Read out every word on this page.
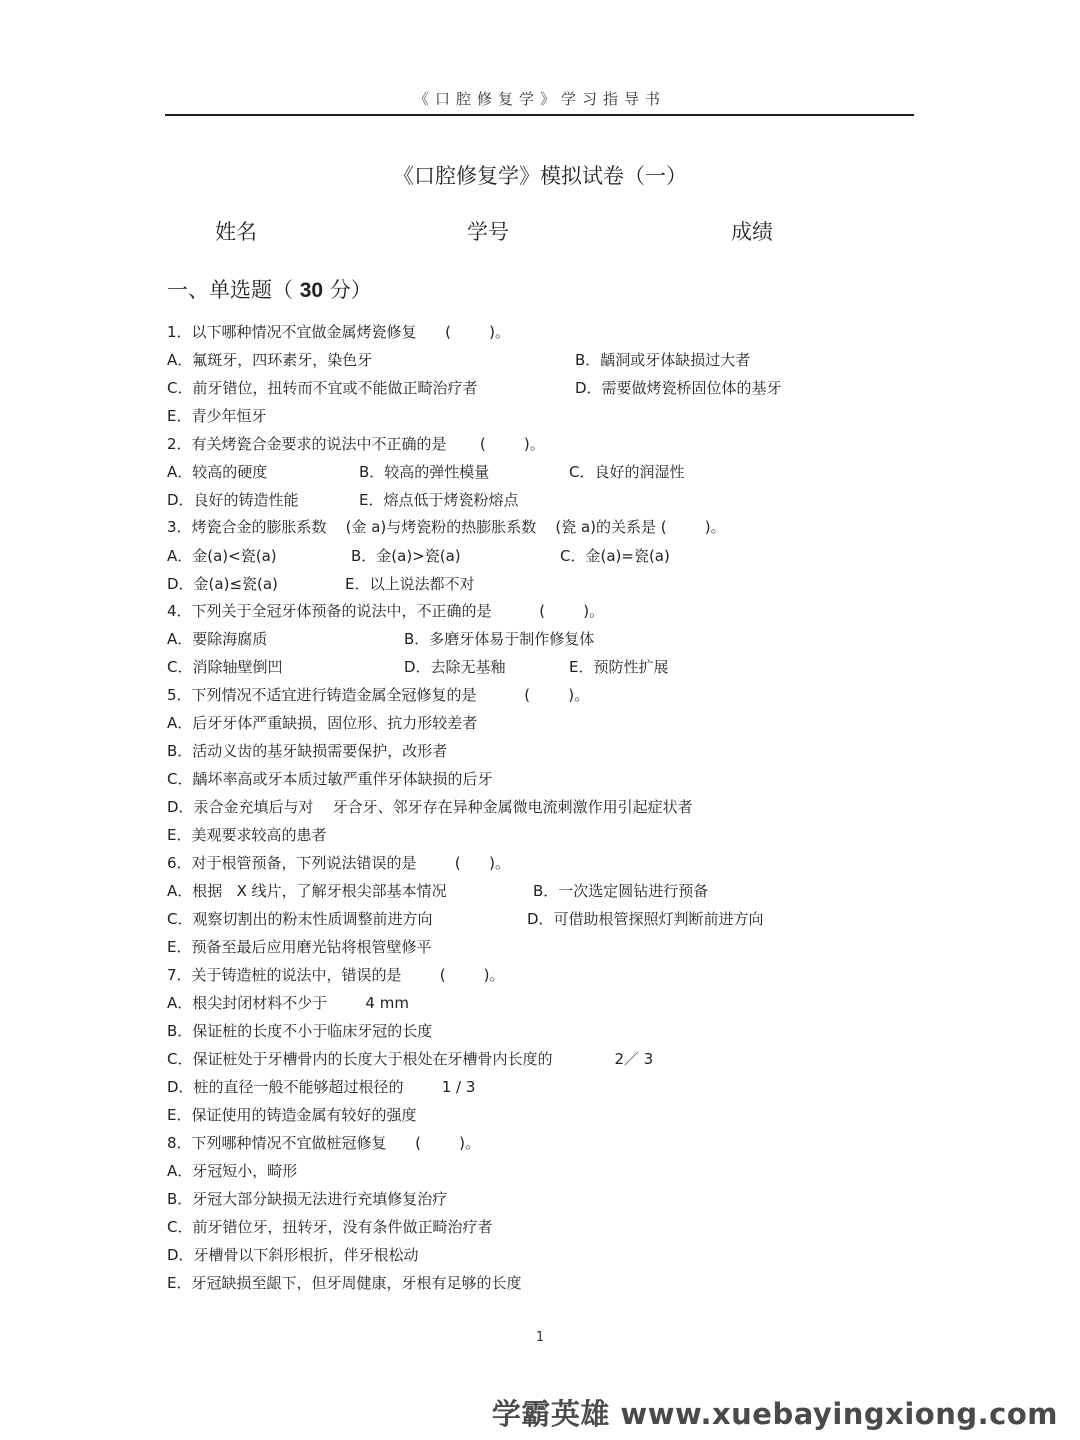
《口腔修复学》学习指导书
《口腔修复学》模拟试卷（一）
姓名	学号	成绩
一、单选题（ 30 分）
1．以下哪种情况不宜做金属烤瓷修复      (        )。
A．氟斑牙，四环素牙，染色牙	B．龋洞或牙体缺损过大者
C．前牙错位，扭转而不宜或不能做正畸治疗者	D．需要做烤瓷桥固位体的基牙
E．青少年恒牙
2．有关烤瓷合金要求的说法中不正确的是       (        )。
A．较高的硬度	B．较高的弹性模量	C．良好的润湿性
D．良好的铸造性能	E．熔点低于烤瓷粉熔点
3．烤瓷合金的膨胀系数    (金 a)与烤瓷粉的热膨胀系数    (瓷 a)的关系是 (        )。
A．金(a)<瓷(a)	B．金(a)>瓷(a)	C．金(a)=瓷(a)
D．金(a)≤瓷(a)	E．以上说法都不对
4．下列关于全冠牙体预备的说法中，不正确的是          (        )。
A．要除海腐质	B．多磨牙体易于制作修复体
C．消除轴壁倒凹	D．去除无基釉	E．预防性扩展
5．下列情况不适宜进行铸造金属全冠修复的是          (        )。
A．后牙牙体严重缺损，固位形、抗力形较差者
B．活动义齿的基牙缺损需要保护，改形者
C．龋坏率高或牙本质过敏严重伴牙体缺损的后牙
D．汞合金充填后与对    牙合牙、邻牙存在异种金属微电流刺激作用引起症状者
E．美观要求较高的患者
6．对于根管预备，下列说法错误的是        (      )。
A．根据   X 线片，了解牙根尖部基本情况	B．一次选定圆钻进行预备
C．观察切割出的粉末性质调整前进方向	D．可借助根管探照灯判断前进方向
E．预备至最后应用磨光钻将根管壁修平
7．关于铸造桩的说法中，错误的是        (        )。
A．根尖封闭材料不少于        4 mm
B．保证桩的长度不小于临床牙冠的长度
C．保证桩处于牙槽骨内的长度大于根处在牙槽骨内长度的             2／ 3
D．桩的直径一般不能够超过根径的        1 / 3
E．保证使用的铸造金属有较好的强度
8．下列哪种情况不宜做桩冠修复      (        )。
A．牙冠短小，畸形
B．牙冠大部分缺损无法进行充填修复治疗
C．前牙错位牙，扭转牙，没有条件做正畸治疗者
D．牙槽骨以下斜形根折，伴牙根松动
E．牙冠缺损至龈下，但牙周健康，牙根有足够的长度
1
学霸英雄 www.xuebayingxiong.com
